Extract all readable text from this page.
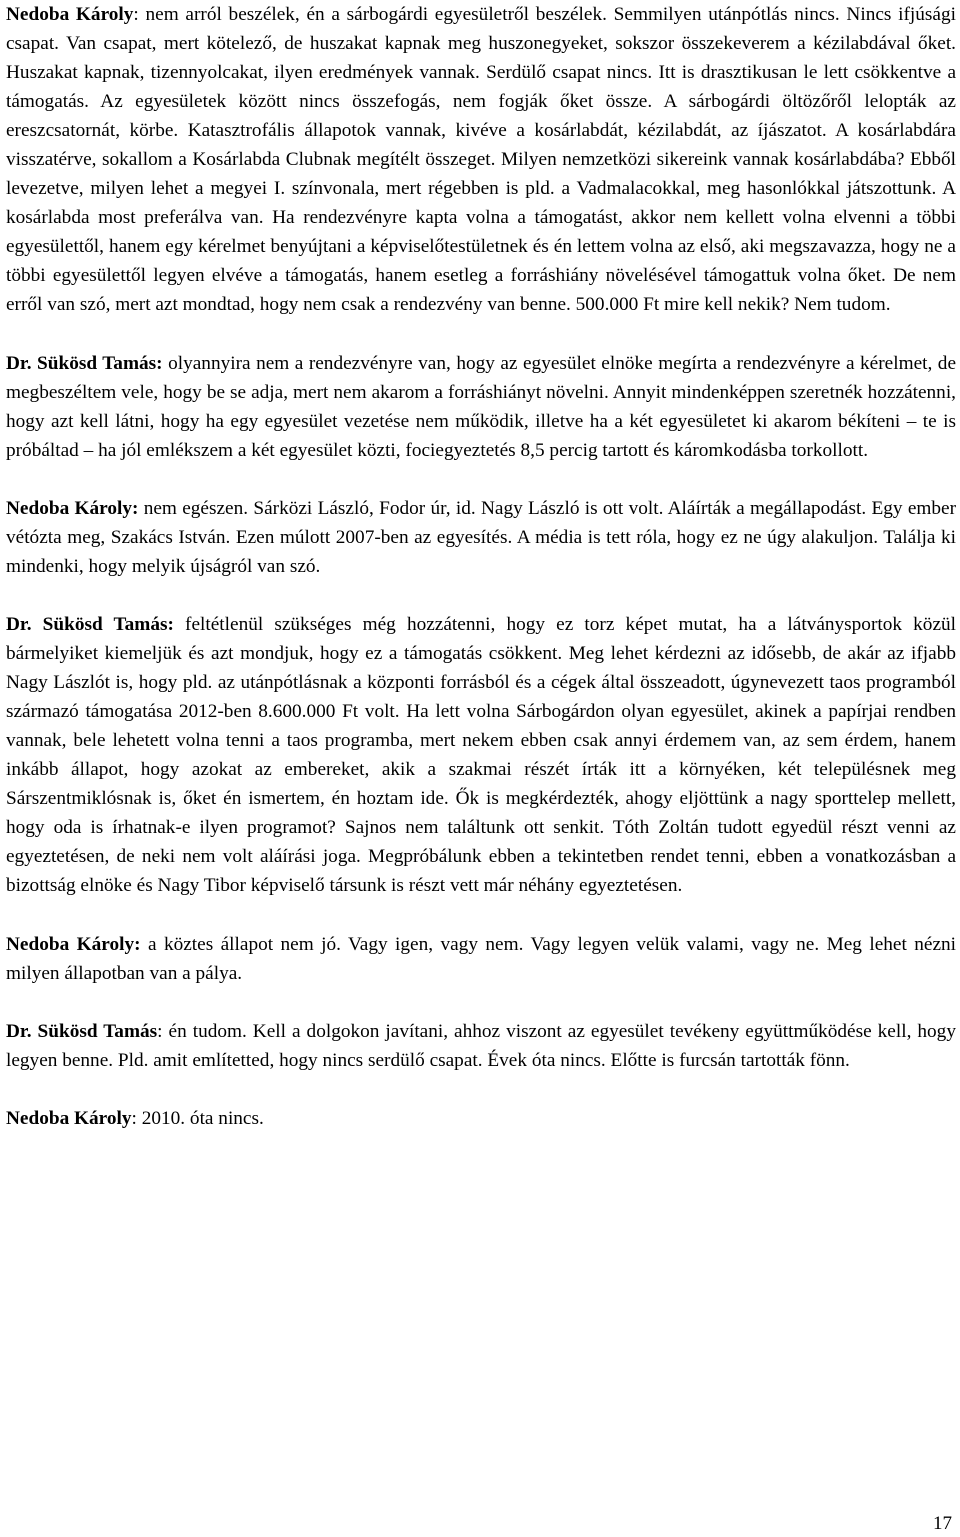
Nedoba Károly: nem arról beszélek, én a sárbogárdi egyesületről beszélek. Semmilyen utánpótlás nincs. Nincs ifjúsági csapat. Van csapat, mert kötelező, de huszakat kapnak meg huszonegyeket, sokszor összekeverem a kézilabdával őket. Huszakat kapnak, tizennyolcakat, ilyen eredmények vannak. Serdülő csapat nincs. Itt is drasztikusan le lett csökkentve a támogatás. Az egyesületek között nincs összefogás, nem fogják őket össze. A sárbogárdi öltözőről lelopták az ereszcsatornát, körbe. Katasztrofális állapotok vannak, kivéve a kosárlabdát, kézilabdát, az íjászatot. A kosárlabdára visszatérve, sokallom a Kosárlabda Clubnak megítélt összeget. Milyen nemzetközi sikereink vannak kosárlabdába? Ebből levezetve, milyen lehet a megyei I. színvonala, mert régebben is pld. a Vadmalacokkal, meg hasonlókkal játszottunk. A kosárlabda most preferálva van. Ha rendezvényre kapta volna a támogatást, akkor nem kellett volna elvenni a többi egyesülettől, hanem egy kérelmet benyújtani a képviselőtestületnek és én lettem volna az első, aki megszavazza, hogy ne a többi egyesülettől legyen elvéve a támogatás, hanem esetleg a forráshiány növelésével támogattuk volna őket. De nem erről van szó, mert azt mondtad, hogy nem csak a rendezvény van benne. 500.000 Ft mire kell nekik? Nem tudom.

Dr. Sükösd Tamás: olyannyira nem a rendezvényre van, hogy az egyesület elnöke megírta a rendezvényre a kérelmet, de megbeszéltem vele, hogy be se adja, mert nem akarom a forráshiányt növelni. Annyit mindenképpen szeretnék hozzátenni, hogy azt kell látni, hogy ha egy egyesület vezetése nem működik, illetve ha a két egyesületet ki akarom békíteni – te is próbáltad – ha jól emlékszem a két egyesület közti, fociegyeztetés 8,5 percig tartott és káromkodásba torkollott.

Nedoba Károly: nem egészen. Sárközi László, Fodor úr, id. Nagy László is ott volt. Aláírták a megállapodást. Egy ember vétózta meg, Szakács István. Ezen múlott 2007-ben az egyesítés. A média is tett róla, hogy ez ne úgy alakuljon. Találja ki mindenki, hogy melyik újságról van szó.

Dr. Sükösd Tamás: feltétlenül szükséges még hozzátenni, hogy ez torz képet mutat, ha a látványsportok közül bármelyiket kiemeljük és azt mondjuk, hogy ez a támogatás csökkent. Meg lehet kérdezni az idősebb, de akár az ifjabb Nagy Lászlót is, hogy pld. az utánpótlásnak a központi forrásból és a cégek által összeadott, úgynevezett taos programból származó támogatása 2012-ben 8.600.000 Ft volt. Ha lett volna Sárbogárdon olyan egyesület, akinek a papírjai rendben vannak, bele lehetett volna tenni a taos programba, mert nekem ebben csak annyi érdemem van, az sem érdem, hanem inkább állapot, hogy azokat az embereket, akik a szakmai részét írták itt a környéken, két településnek meg Sárszentmiklósnak is, őket én ismertem, én hoztam ide. Ők is megkérdezték, ahogy eljöttünk a nagy sporttelep mellett, hogy oda is írhatnak-e ilyen programot? Sajnos nem találtunk ott senkit. Tóth Zoltán tudott egyedül részt venni az egyeztetésen, de neki nem volt aláírási joga. Megpróbálunk ebben a tekintetben rendet tenni, ebben a vonatkozásban a bizottság elnöke és Nagy Tibor képviselő társunk is részt vett már néhány egyeztetésen.

Nedoba Károly: a köztes állapot nem jó. Vagy igen, vagy nem. Vagy legyen velük valami, vagy ne. Meg lehet nézni milyen állapotban van a pálya.

Dr. Sükösd Tamás: én tudom. Kell a dolgokon javítani, ahhoz viszont az egyesület tevékeny együttműködése kell, hogy legyen benne. Pld. amit említetted, hogy nincs serdülő csapat. Évek óta nincs. Előtte is furcsán tartották fönn.

Nedoba Károly: 2010. óta nincs.

17
